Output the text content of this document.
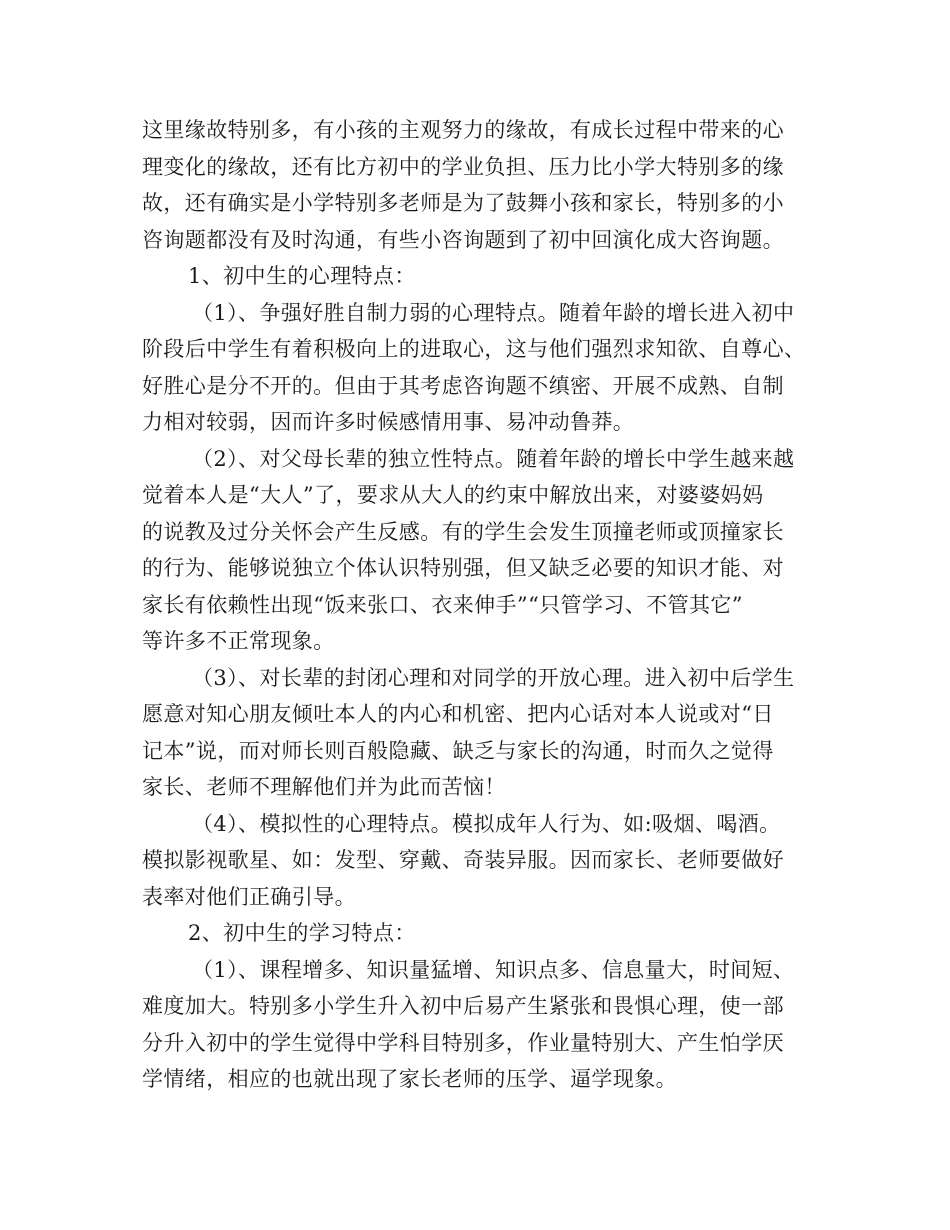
这里缘故特别多，有小孩的主观努力的缘故，有成长过程中带来的心
理变化的缘故，还有比方初中的学业负担、压力比小学大特别多的缘
故，还有确实是小学特别多老师是为了鼓舞小孩和家长，特别多的小
咨询题都没有及时沟通，有些小咨询题到了初中回演化成大咨询题。
1、初中生的心理特点：
（1）、争强好胜自制力弱的心理特点。随着年龄的增长进入初中
阶段后中学生有着积极向上的进取心，这与他们强烈求知欲、自尊心、
好胜心是分不开的。但由于其考虑咨询题不缜密、开展不成熟、自制
力相对较弱，因而许多时候感情用事、易冲动鲁莽。
（2）、对父母长辈的独立性特点。随着年龄的增长中学生越来越
觉着本人是“大人”了，要求从大人的约束中解放出来，对婆婆妈妈
的说教及过分关怀会产生反感。有的学生会发生顶撞老师或顶撞家长
的行为、能够说独立个体认识特别强，但又缺乏必要的知识才能、对
家长有依赖性出现“饭来张口、衣来伸手”“只管学习、不管其它”
等许多不正常现象。
（3）、对长辈的封闭心理和对同学的开放心理。进入初中后学生
愿意对知心朋友倾吐本人的内心和机密、把内心话对本人说或对“日
记本”说，而对师长则百般隐藏、缺乏与家长的沟通，时而久之觉得
家长、老师不理解他们并为此而苦恼！
（4）、模拟性的心理特点。模拟成年人行为、如:吸烟、喝酒。
模拟影视歌星、如：发型、穿戴、奇装异服。因而家长、老师要做好
表率对他们正确引导。
2、初中生的学习特点：
（1）、课程增多、知识量猛增、知识点多、信息量大，时间短、
难度加大。特别多小学生升入初中后易产生紧张和畏惧心理，使一部
分升入初中的学生觉得中学科目特别多，作业量特别大、产生怕学厌
学情绪，相应的也就出现了家长老师的压学、逼学现象。
